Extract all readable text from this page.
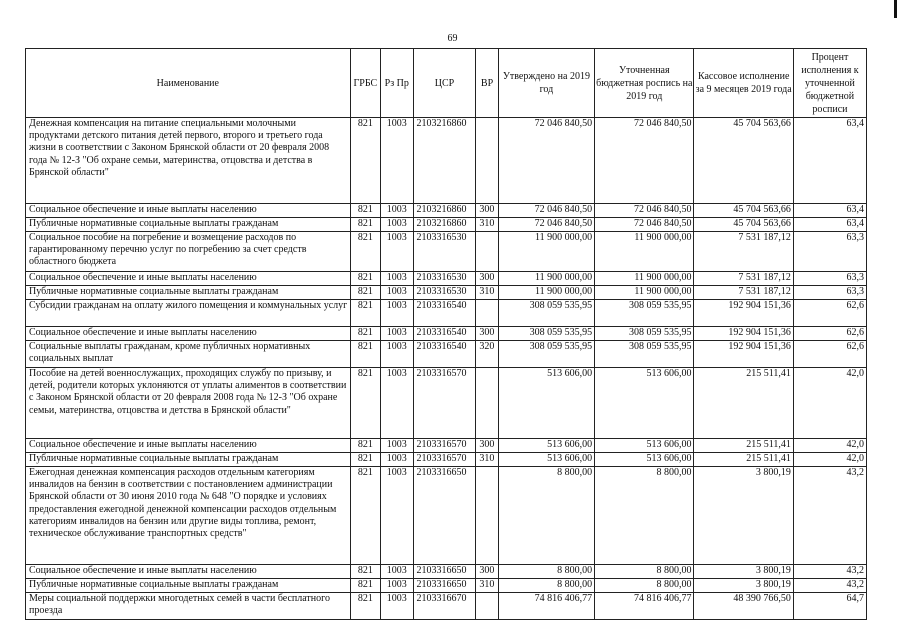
69
Наименование	ГРБС	Рз Пр	ЦСР	ВР	Утверждено на 2019 год	Уточненная бюджетная роспись на 2019 год	Кассовое исполнение за 9 месяцев 2019 года	Процент исполнения к уточненной бюджетной росписи
Денежная компенсация на питание специальными молочными продуктами детского питания детей первого, второго и третьего года жизни в соответствии с Законом Брянской области от 20 февраля 2008 года № 12-З "Об охране семьи, материнства, отцовства и детства в Брянской области"	821	1003	2103216860		72 046 840,50	72 046 840,50	45 704 563,66	63,4
Социальное обеспечение и иные выплаты населению	821	1003	2103216860	300	72 046 840,50	72 046 840,50	45 704 563,66	63,4
Публичные нормативные социальные выплаты гражданам	821	1003	2103216860	310	72 046 840,50	72 046 840,50	45 704 563,66	63,4
Социальное пособие на погребение и возмещение расходов по гарантированному перечню услуг по погребению за счет средств областного бюджета	821	1003	2103316530		11 900 000,00	11 900 000,00	7 531 187,12	63,3
Социальное обеспечение и иные выплаты населению	821	1003	2103316530	300	11 900 000,00	11 900 000,00	7 531 187,12	63,3
Публичные нормативные социальные выплаты гражданам	821	1003	2103316530	310	11 900 000,00	11 900 000,00	7 531 187,12	63,3
Субсидии гражданам на оплату жилого помещения и коммунальных услуг	821	1003	2103316540		308 059 535,95	308 059 535,95	192 904 151,36	62,6
Социальное обеспечение и иные выплаты населению	821	1003	2103316540	300	308 059 535,95	308 059 535,95	192 904 151,36	62,6
Социальные выплаты гражданам, кроме публичных нормативных социальных выплат	821	1003	2103316540	320	308 059 535,95	308 059 535,95	192 904 151,36	62,6
Пособие на детей военнослужащих, проходящих службу по призыву, и детей, родители которых уклоняются от уплаты алиментов в соответствии с Законом Брянской области от 20 февраля 2008 года № 12-З "Об охране семьи, материнства, отцовства и детства в Брянской области"	821	1003	2103316570		513 606,00	513 606,00	215 511,41	42,0
Социальное обеспечение и иные выплаты населению	821	1003	2103316570	300	513 606,00	513 606,00	215 511,41	42,0
Публичные нормативные социальные выплаты гражданам	821	1003	2103316570	310	513 606,00	513 606,00	215 511,41	42,0
Ежегодная денежная компенсация расходов отдельным категориям инвалидов на бензин в соответствии с постановлением администрации Брянской области от 30 июня 2010 года № 648 "О порядке и условиях предоставления ежегодной денежной компенсации расходов отдельным категориям инвалидов на бензин или другие виды топлива, ремонт, техническое обслуживание транспортных средств"	821	1003	2103316650		8 800,00	8 800,00	3 800,19	43,2
Социальное обеспечение и иные выплаты населению	821	1003	2103316650	300	8 800,00	8 800,00	3 800,19	43,2
Публичные нормативные социальные выплаты гражданам	821	1003	2103316650	310	8 800,00	8 800,00	3 800,19	43,2
Меры социальной поддержки многодетных семей в части бесплатного проезда	821	1003	2103316670		74 816 406,77	74 816 406,77	48 390 766,50	64,7
